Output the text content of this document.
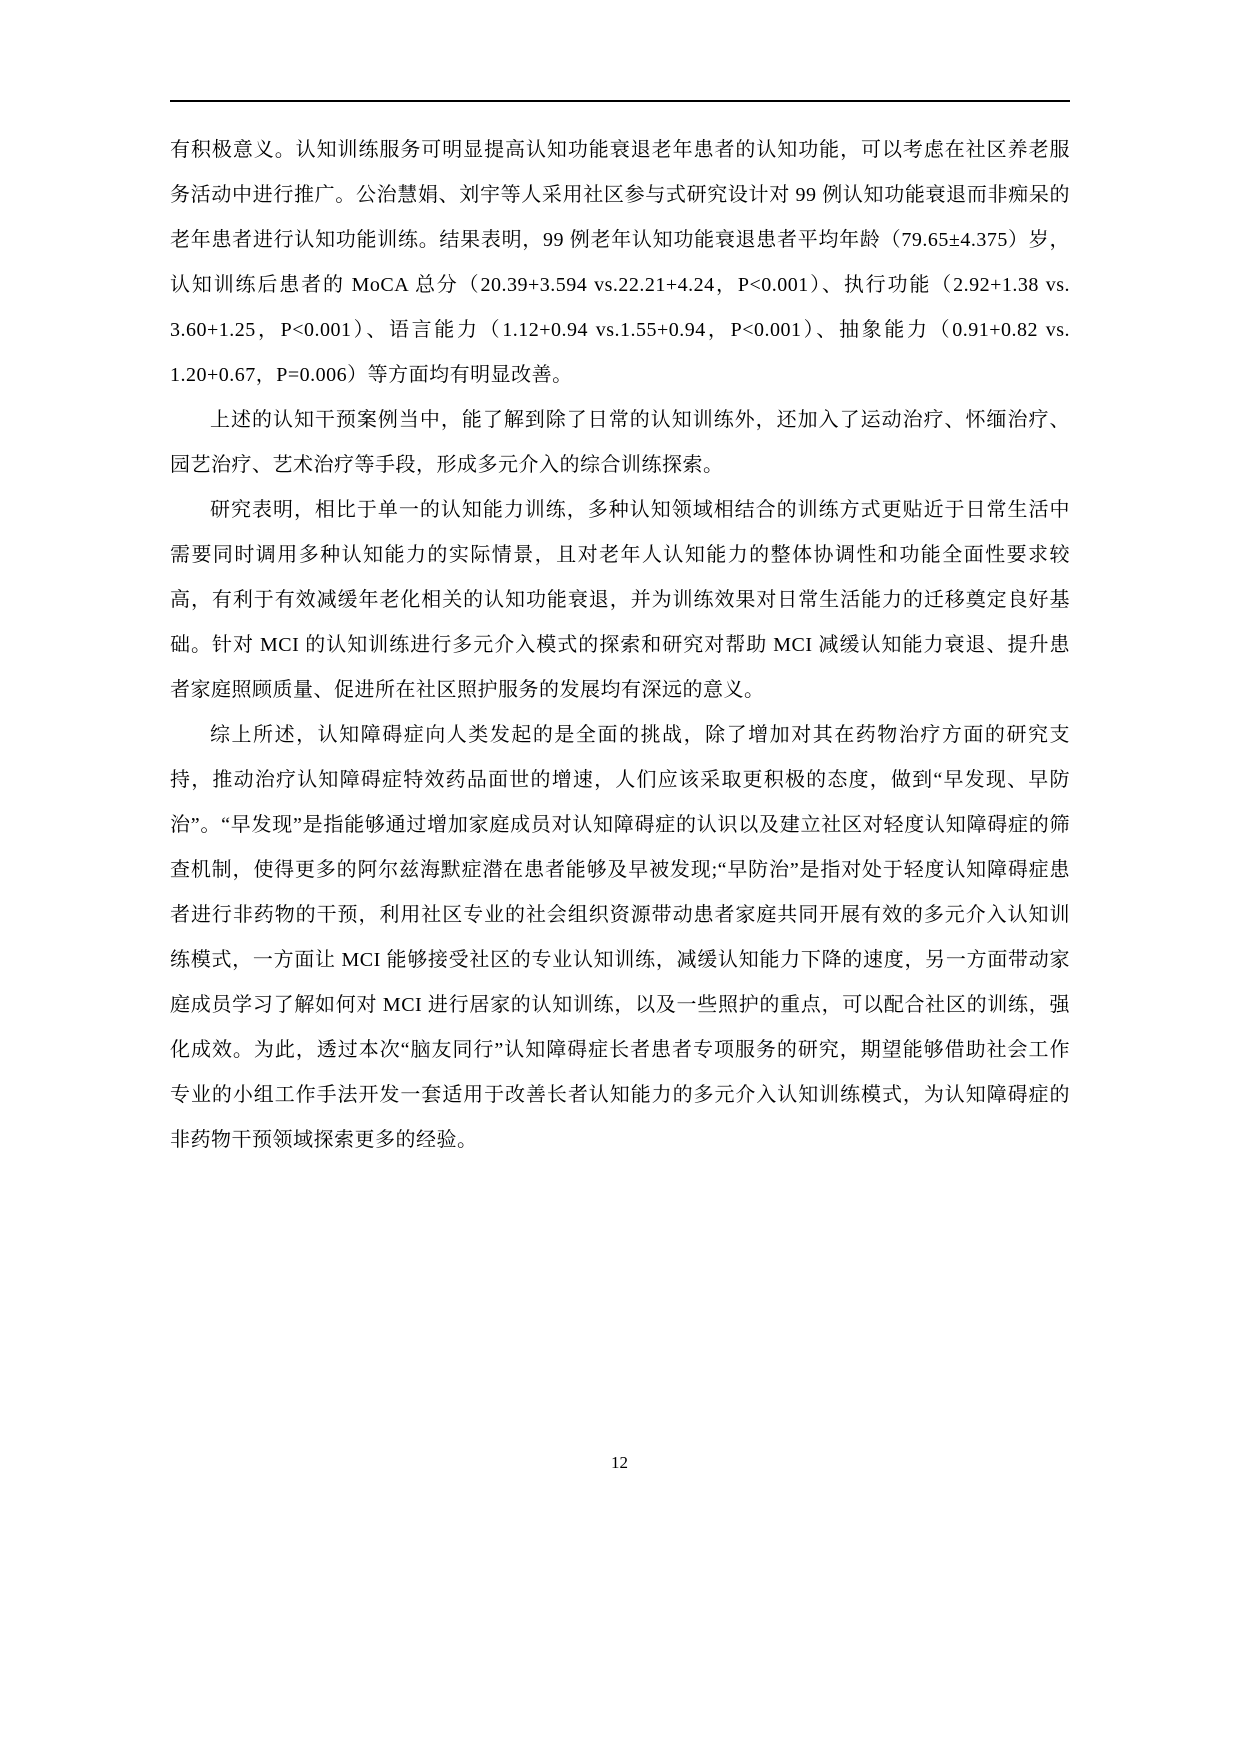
有积极意义。认知训练服务可明显提高认知功能衰退老年患者的认知功能，可以考虑在社区养老服务活动中进行推广。公治慧娟、刘宇等人采用社区参与式研究设计对 99 例认知功能衰退而非痴呆的老年患者进行认知功能训练。结果表明，99 例老年认知功能衰退患者平均年龄（79.65±4.375）岁，认知训练后患者的 MoCA 总分（20.39+3.594 vs.22.21+4.24，P<0.001）、执行功能（2.92+1.38 vs. 3.60+1.25，P<0.001）、语言能力（1.12+0.94 vs.1.55+0.94，P<0.001）、抽象能力（0.91+0.82 vs. 1.20+0.67，P=0.006）等方面均有明显改善。

上述的认知干预案例当中，能了解到除了日常的认知训练外，还加入了运动治疗、怀缅治疗、园艺治疗、艺术治疗等手段，形成多元介入的综合训练探索。

研究表明，相比于单一的认知能力训练，多种认知领域相结合的训练方式更贴近于日常生活中需要同时调用多种认知能力的实际情景，且对老年人认知能力的整体协调性和功能全面性要求较高，有利于有效减缓年老化相关的认知功能衰退，并为训练效果对日常生活能力的迁移奠定良好基础。针对 MCI 的认知训练进行多元介入模式的探索和研究对帮助 MCI 减缓认知能力衰退、提升患者家庭照顾质量、促进所在社区照护服务的发展均有深远的意义。

综上所述，认知障碍症向人类发起的是全面的挑战，除了增加对其在药物治疗方面的研究支持，推动治疗认知障碍症特效药品面世的增速，人们应该采取更积极的态度，做到“早发现、早防治”。“早发现”是指能够通过增加家庭成员对认知障碍症的认识以及建立社区对轻度认知障碍症的筛查机制，使得更多的阿尔兹海默症潜在患者能够及早被发现;“早防治”是指对处于轻度认知障碍症患者进行非药物的干预，利用社区专业的社会组织资源带动患者家庭共同开展有效的多元介入认知训练模式，一方面让 MCI 能够接受社区的专业认知训练，减缓认知能力下降的速度，另一方面带动家庭成员学习了解如何对 MCI 进行居家的认知训练，以及一些照护的重点，可以配合社区的训练，强化成效。为此，透过本次“脑友同行”认知障碍症长者患者专项服务的研究，期望能够借助社会工作专业的小组工作手法开发一套适用于改善长者认知能力的多元介入认知训练模式，为认知障碍症的非药物干预领域探索更多的经验。

12
